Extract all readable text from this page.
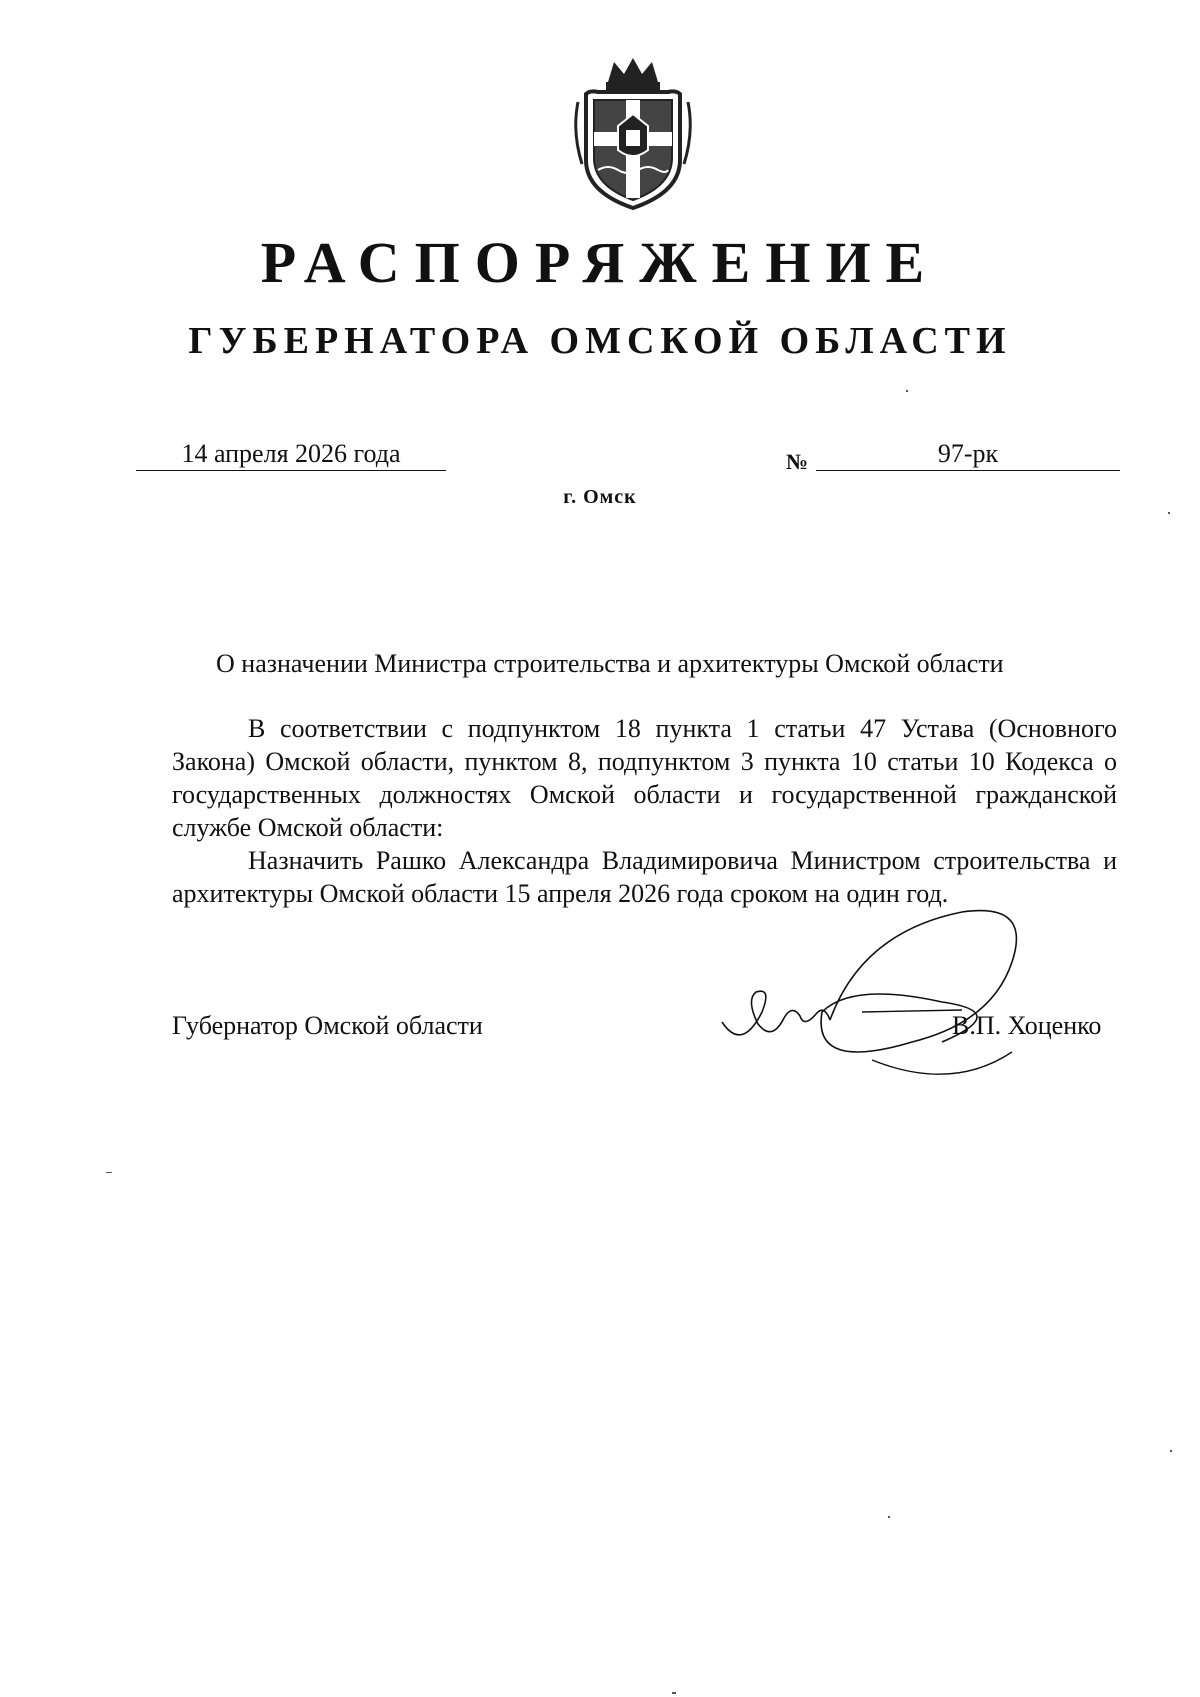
РАСПОРЯЖЕНИЕ
ГУБЕРНАТОРА ОМСКОЙ ОБЛАСТИ
14 апреля 2026 года	№	97-рк
г. Омск
О назначении Министра строительства и архитектуры Омской области

В соответствии с подпунктом 18 пункта 1 статьи 47 Устава (Основного Закона) Омской области, пунктом 8, подпунктом 3 пункта 10 статьи 10 Кодекса о государственных должностях Омской области и государственной гражданской службе Омской области:

Назначить Рашко Александра Владимировича Министром строительства и архитектуры Омской области 15 апреля 2026 года сроком на один год.

Губернатор Омской области	В.П. Хоценко
